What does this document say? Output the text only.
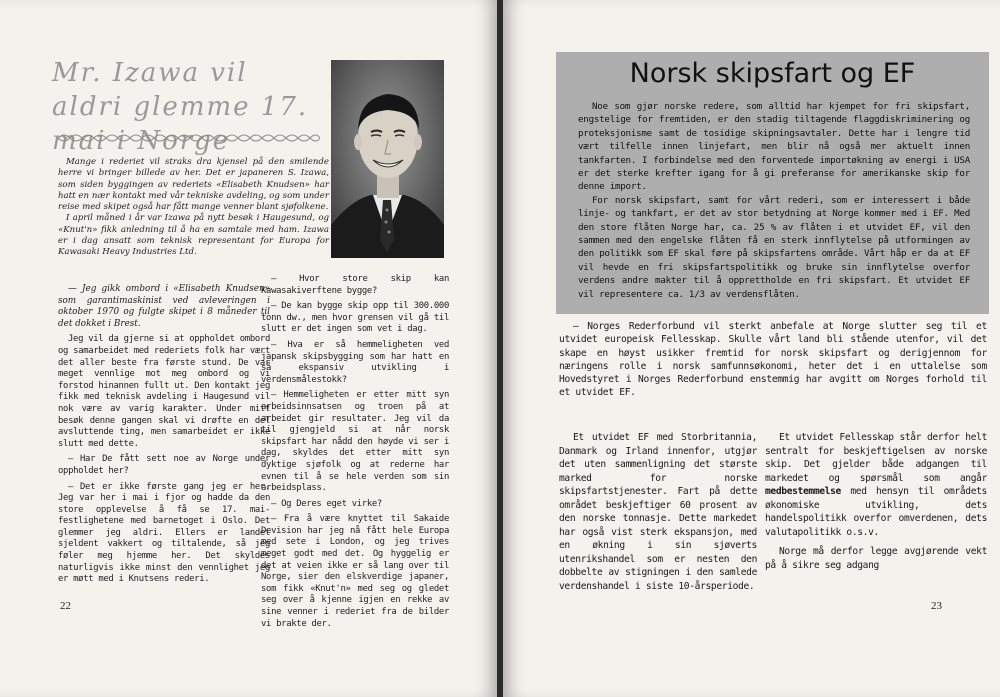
Mr. Izawa vil aldri glemme 17. mai i Norge

Mange i rederiet vil straks dra kjensel på den smilende herre vi bringer billede av her. Det er japaneren S. Izawa, som siden byggingen av rederiets «Elisabeth Knudsen» har hatt en nær kontakt med vår tekniske avdeling, og som under reise med skipet også har fått mange venner blant sjøfolkene.

I april måned i år var Izawa på nytt besøk i Haugesund, og «Knut'n» fikk anledning til å ha en samtale med ham. Izawa er i dag ansatt som teknisk representant for Europa for Kawasaki Heavy Industries Ltd.

— Jeg gikk ombord i «Elisabeth Knudsen» som garantimaskinist ved avleveringen i oktober 1970 og fulgte skipet i 8 måneder til det dokket i Brest.

Jeg vil da gjerne si at oppholdet ombord og samarbeidet med rederiets folk har vært det aller beste fra første stund. De var meget vennlige mot meg ombord og vi forstod hinannen fullt ut. Den kontakt jeg fikk med teknisk avdeling i Haugesund vil nok være av varig karakter. Under mitt besøk denne gangen skal vi drøfte en del avsluttende ting, men samarbeidet er ikke slutt med dette.

— Har De fått sett noe av Norge under oppholdet her?

— Det er ikke første gang jeg er her. Jeg var her i mai i fjor og hadde da den store opplevelse å få se 17. mai-festlighetene med barnetoget i Oslo. Det glemmer jeg aldri. Ellers er landet sjeldent vakkert og tiltalende, så jeg føler meg hjemme her. Det skyldes naturligvis ikke minst den vennlighet jeg er møtt med i Knutsens rederi.

— Hvor store skip kan Kawasakiverftene bygge?

— De kan bygge skip opp til 300.000 tonn dw., men hvor grensen vil gå til slutt er det ingen som vet i dag.

— Hva er så hemmeligheten ved japansk skipsbygging som har hatt en så ekspansiv utvikling i verdensmålestokk?

— Hemmeligheten er etter mitt syn arbeidsinnsatsen og troen på at arbeidet gir resultater. Jeg vil da til gjengjeld si at når norsk skipsfart har nådd den høyde vi ser i dag, skyldes det etter mitt syn dyktige sjøfolk og at rederne har evnen til å se hele verden som sin arbeidsplass.

— Og Deres eget virke?

— Fra å være knyttet til Sakaide Devision har jeg nå fått hele Europa med sete i London, og jeg trives meget godt med det. Og hyggelig er det at veien ikke er så lang over til Norge, sier den elskverdige japaner, som fikk «Knut'n» med seg og gledet seg over å kjenne igjen en rekke av sine venner i rederiet fra de bilder vi brakte der.

22
Norsk skipsfart og EF

Noe som gjør norske redere, som alltid har kjempet for fri skipsfart, engstelige for fremtiden, er den stadig tiltagende flaggdiskriminering og proteksjonisme samt de tosidige skipningsavtaler. Dette har i lengre tid vært tilfelle innen linjefart, men blir nå også mer aktuelt innen tankfarten. I forbindelse med den forventede importøkning av energi i USA er det sterke krefter igang for å gi preferanse for amerikanske skip for denne import.

For norsk skipsfart, samt for vårt rederi, som er interessert i både linje- og tankfart, er det av stor betydning at Norge kommer med i EF. Med den store flåten Norge har, ca. 25 % av flåten i et utvidet EF, vil den sammen med den engelske flåten få en sterk innflytelse på utformingen av den politikk som EF skal føre på skipsfartens område. Vårt håp er da at EF vil hevde en fri skipsfartspolitikk og bruke sin innflytelse overfor verdens andre makter til å opprettholde en fri skipsfart. Et utvidet EF vil representere ca. 1/3 av verdensflåten.

— Norges Rederforbund vil sterkt anbefale at Norge slutter seg til et utvidet europeisk Fellesskap. Skulle vårt land bli stående utenfor, vil det skape en høyst usikker fremtid for norsk skipsfart og derigjennom for næringens rolle i norsk samfunnsøkonomi, heter det i en uttalelse som Hovedstyret i Norges Rederforbund enstemmig har avgitt om Norges forhold til et utvidet EF.

Et utvidet EF med Storbritannia, Danmark og Irland innenfor, utgjør det uten sammenligning det største marked for norske skipsfartstjenester. Fart på dette området beskjeftiger 60 prosent av den norske tonnasje. Dette markedet har også vist sterk ekspansjon, med en økning i sin sjøverts utenrikshandel som er nesten den dobbelte av stigningen i den samlede verdenshandel i siste 10-årsperiode.

Et utvidet Fellesskap står derfor helt sentralt for beskjeftigelsen av norske skip. Det gjelder både adgangen til markedet og spørsmål som angår medbestemmelse med hensyn til områdets økonomiske utvikling, dets handelspolitikk overfor omverdenen, dets valutapolitikk o.s.v.

Norge må derfor legge avgjørende vekt på å sikre seg adgang

23
